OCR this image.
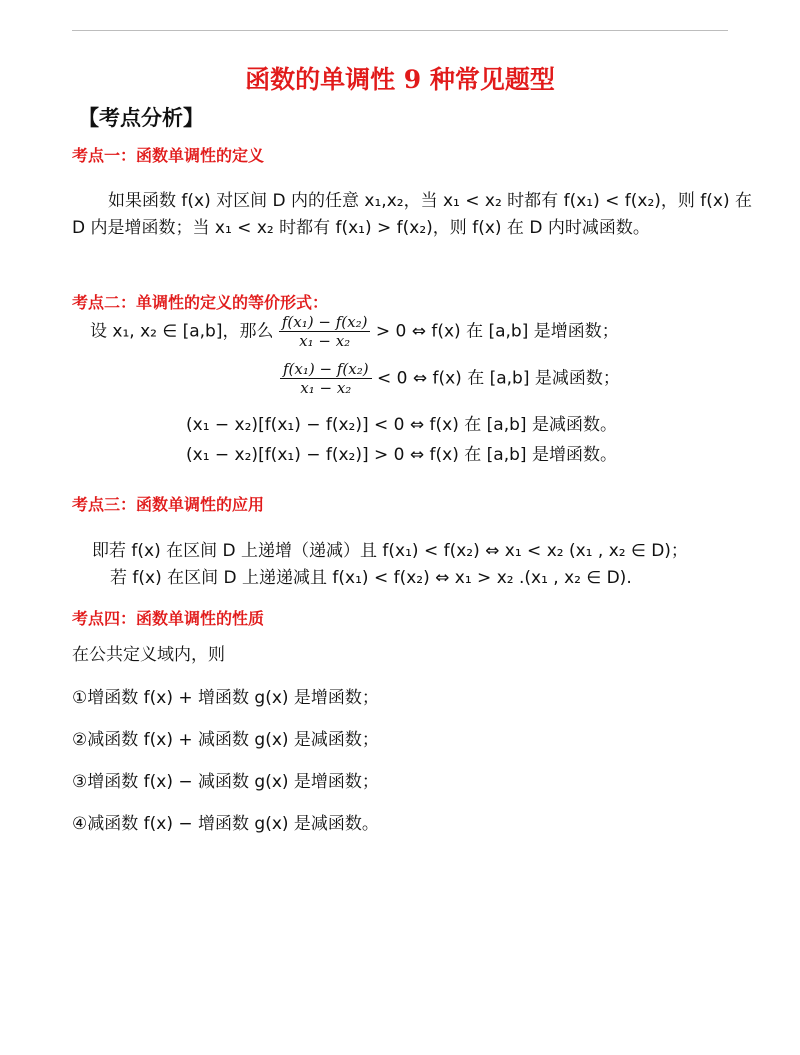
函数的单调性 9 种常见题型
【考点分析】
考点一：函数单调性的定义
如果函数 f(x) 对区间 D 内的任意 x₁,x₂，当 x₁ < x₂ 时都有 f(x₁) < f(x₂)，则 f(x) 在
D 内是增函数；当 x₁ < x₂ 时都有 f(x₁) > f(x₂)，则 f(x) 在 D 内时减函数。
考点二：单调性的定义的等价形式：
设 x₁, x₂ ∈ [a,b]，那么 $\frac{\text{f(x₁) − f(x₂)}}{\text{x₁ − x₂}} > 0$ ⇔ f(x) 在 [a,b] 是增函数；
$\frac{\text{f(x₁) − f(x₂)}}{\text{x₁ − x₂}} < 0$ ⇔ f(x) 在 [a,b] 是减函数；
(x₁ − x₂)[f(x₁) − f(x₂)] < 0 ⇔ f(x) 在 [a,b] 是减函数。
(x₁ − x₂)[f(x₁) − f(x₂)] > 0 ⇔ f(x) 在 [a,b] 是增函数。
考点三：函数单调性的应用
即若 f(x) 在区间 D 上递增（递减）且 f(x₁) < f(x₂) ⇔ x₁ < x₂ (x₁ , x₂ ∈ D)；
若 f(x) 在区间 D 上递递减且 f(x₁) < f(x₂) ⇔ x₁ > x₂ .(x₁ , x₂ ∈ D).
考点四：函数单调性的性质
在公共定义域内，则
①增函数 f(x) + 增函数 g(x) 是增函数；
②减函数 f(x) + 减函数 g(x) 是减函数；
③增函数 f(x) − 减函数 g(x) 是增函数；
④减函数 f(x) − 增函数 g(x) 是减函数。
